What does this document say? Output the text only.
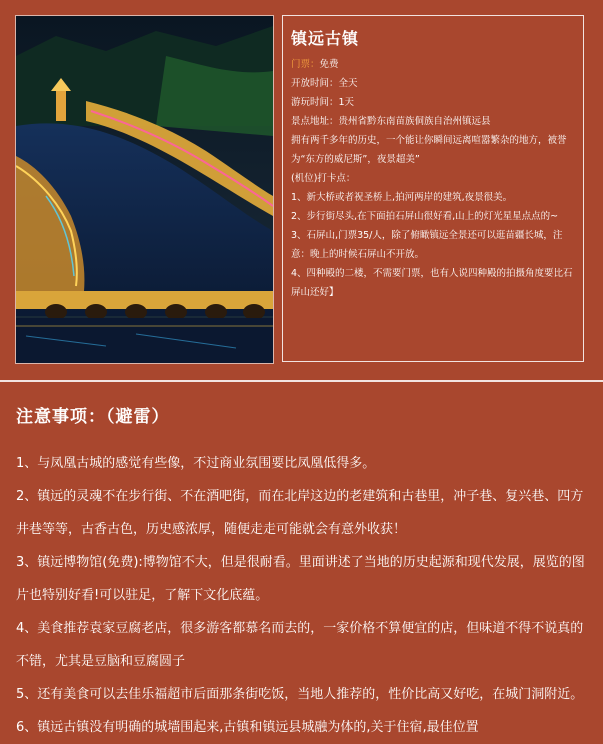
镇远古镇
门票：免费
开放时间：全天
游玩时间：1天
景点地址：贵州省黔东南苗族侗族自治州镇远县
拥有两千多年的历史，一个能让你瞬间远离喧嚣繁杂的地方，被誉为“东方的威尼斯”，夜景超美”
(机位)打卡点：
1、新大桥或者祝圣桥上,拍河两岸的建筑,夜景很美。
2、步行街尽头,在下面拍石屏山很好看,山上的灯光星星点点的~
3、石屏山,门票35/人，除了俯瞰镇远全景还可以逛苗疆长城，注意：晚上的时候石屏山不开放。
4、四种殿的二楼，不需要门票，也有人说四种殿的拍摄角度要比石屏山还好】
注意事项：（避雷）
1、与凤凰古城的感觉有些像，不过商业氛围要比凤凰低得多。
2、镇远的灵魂不在步行街、不在酒吧街，而在北岸这边的老建筑和古巷里，冲子巷、复兴巷、四方井巷等等，古香古色，历史感浓厚，随便走走可能就会有意外收获！
3、镇远博物馆(免费):博物馆不大，但是很耐看。里面讲述了当地的历史起源和现代发展，展览的图片也特别好看!可以驻足，了解下文化底蕴。
4、美食推荐袁家豆腐老店，很多游客都慕名而去的，一家价格不算便宜的店，但味道不得不说真的不错，尤其是豆脑和豆腐圆子
5、还有美食可以去佳乐福超市后面那条街吃饭，当地人推荐的，性价比高又好吃，在城门洞附近。
6、镇远古镇没有明确的城墙围起来,古镇和镇远县城融为体的,关于住宿,最佳位置
